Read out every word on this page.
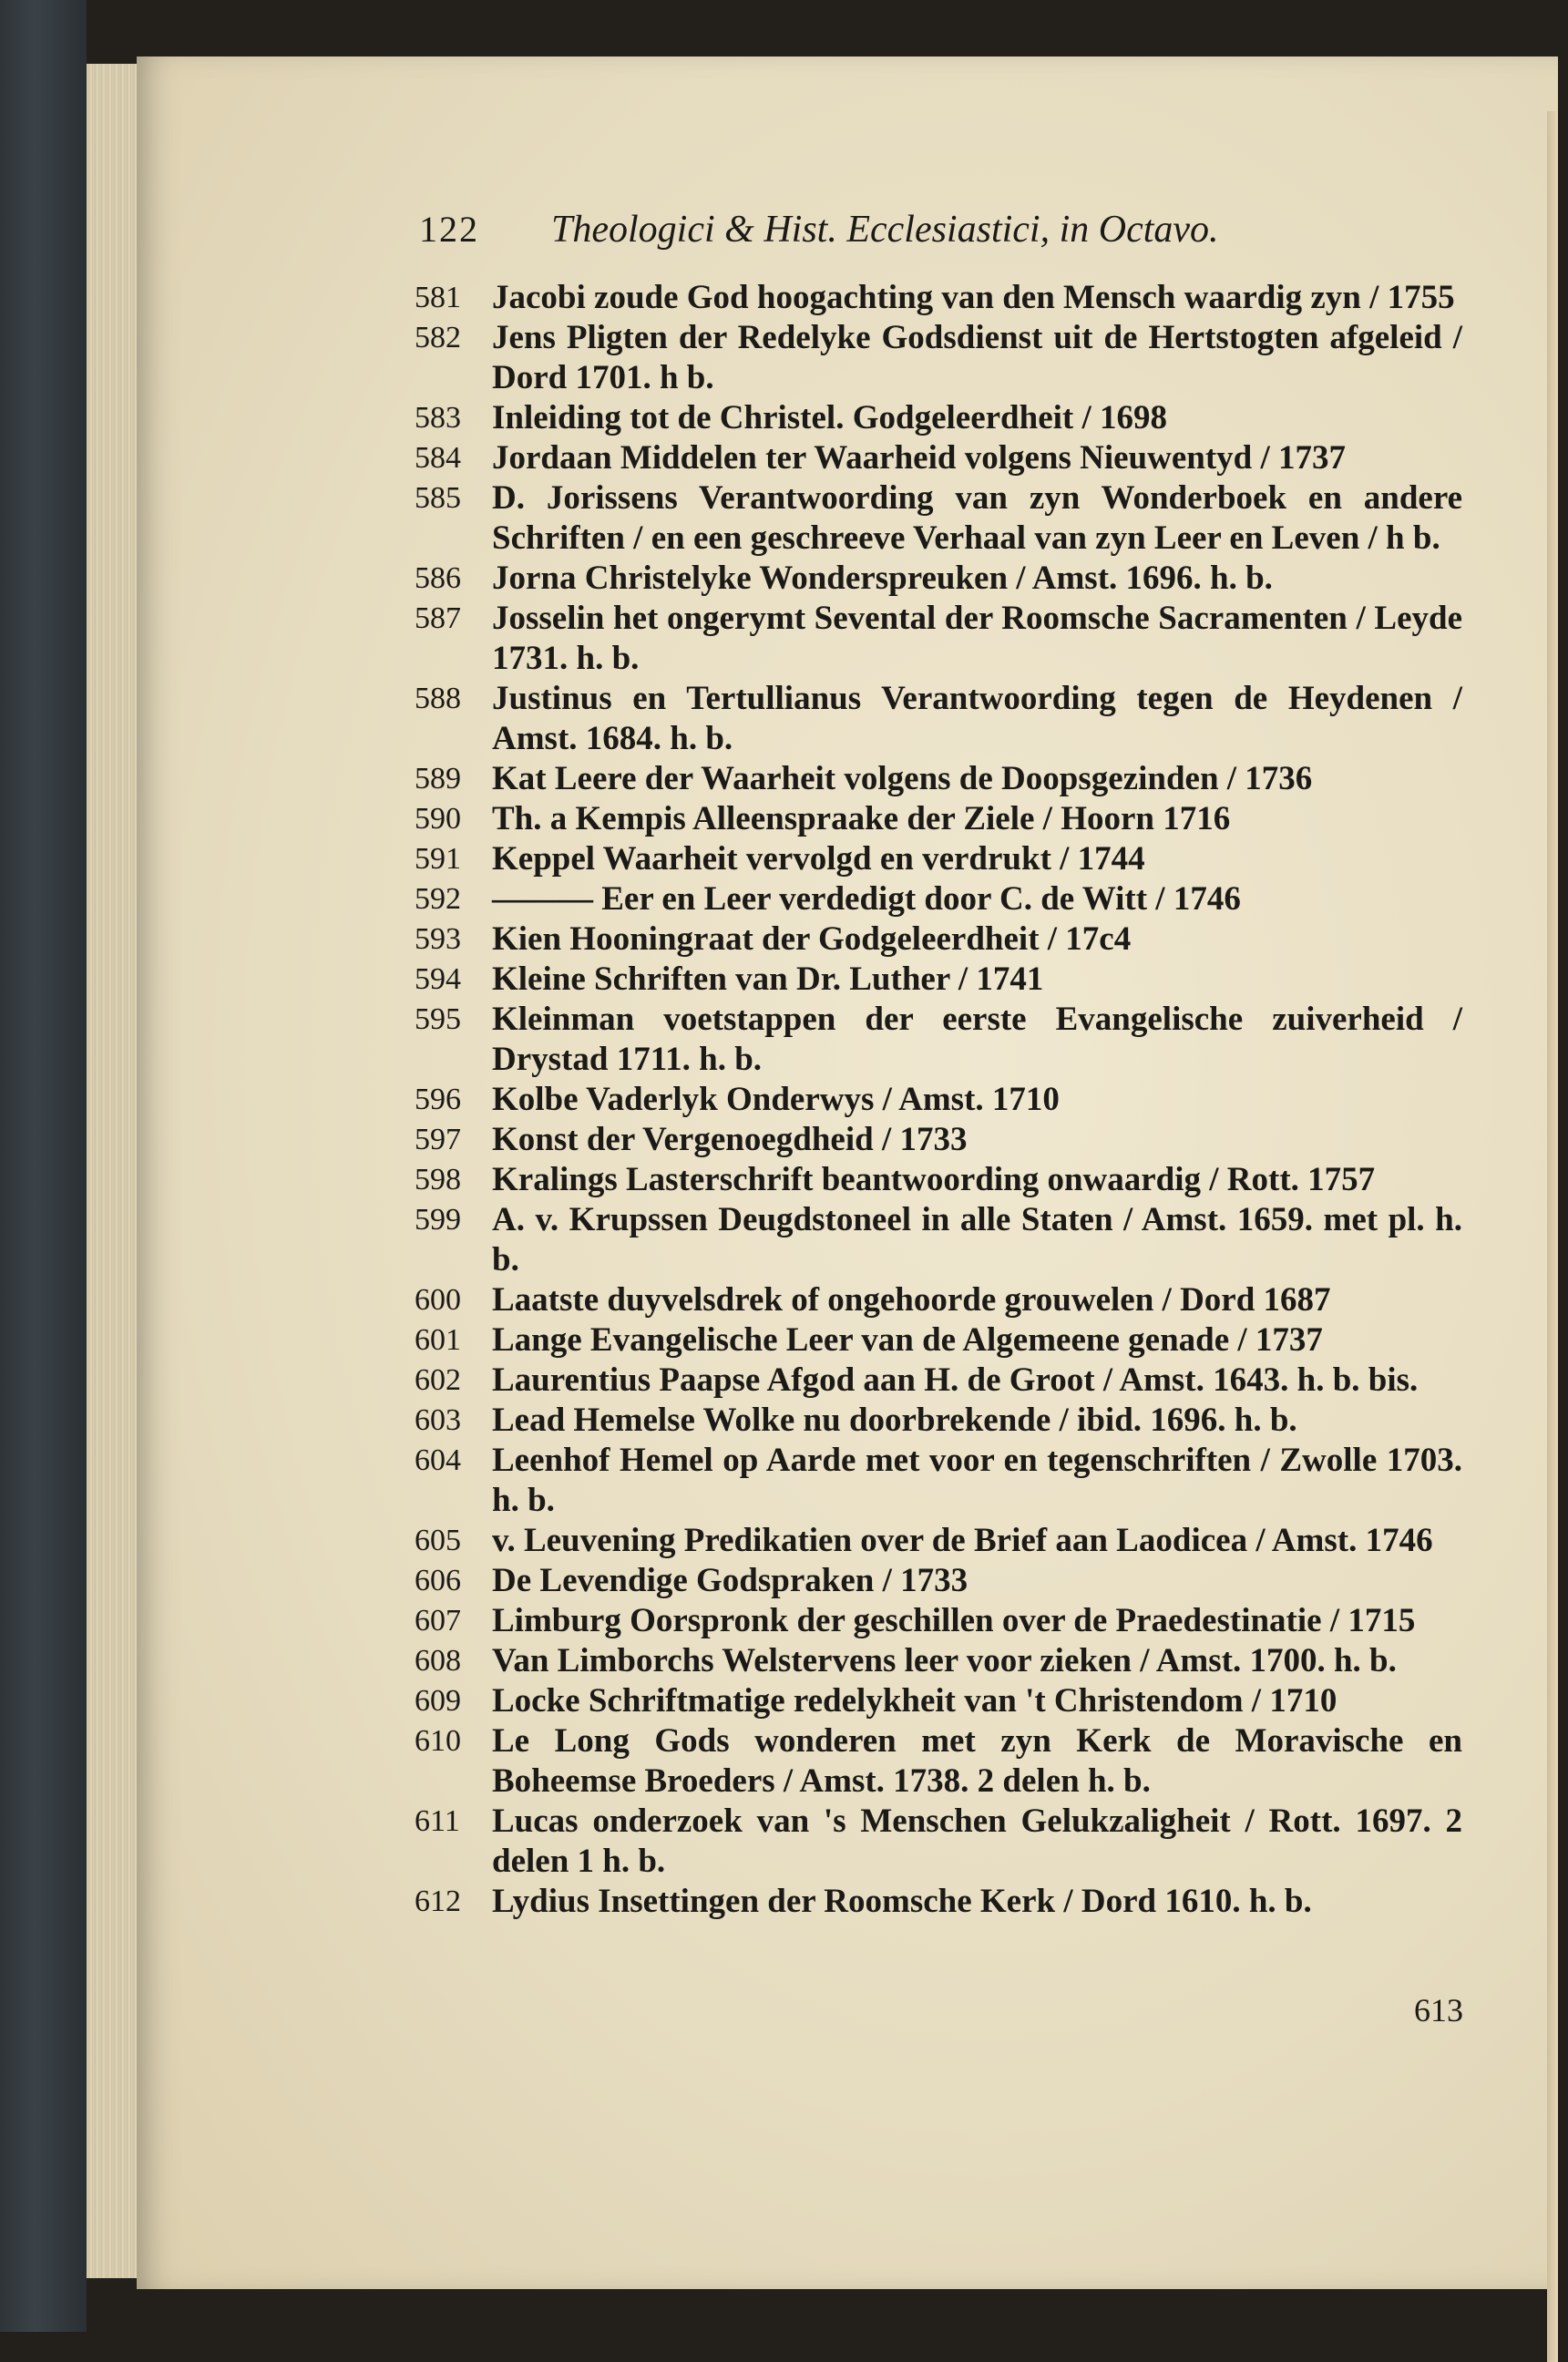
122 Theologici & Hist. Ecclesiastici, in Octavo.
581 Jacobi zoude God hoogachting van den Mensch waardig zyn / 1755
582 Jens Pligten der Redelyke Godsdienst uit de Hertstogten afgeleid / Dord 1701. h b.
583 Inleiding tot de Christel. Godgeleerdheit / 1698
584 Jordaan Middelen ter Waarheid volgens Nieuwentyd / 1737
585 D. Jorissens Verantwoording van zyn Wonderboek en andere Schriften / en een geschreeve Verhaal van zyn Leer en Leven / h b.
586 Jorna Christelyke Wonderspreuken / Amst. 1696. h. b.
587 Josselin het ongerymt Sevental der Roomsche Sacramenten / Leyde 1731. h. b.
588 Justinus en Tertullianus Verantwoording tegen de Heydenen / Amst. 1684. h. b.
589 Kat Leere der Waarheit volgens de Doopsgezinden / 1736
590 Th. a Kempis Alleenspraake der Ziele / Hoorn 1716
591 Keppel Waarheit vervolgd en verdrukt / 1744
592 ——— Eer en Leer verdedigt door C. de Witt / 1746
593 Kien Hooningraat der Godgeleerdheit / 17c4
594 Kleine Schriften van Dr. Luther / 1741
595 Kleinman voetstappen der eerste Evangelische zuiverheid / Drystad 1711. h. b.
596 Kolbe Vaderlyk Onderwys / Amst. 1710
597 Konst der Vergenoegdheid / 1733
598 Kralings Lasterschrift beantwoording onwaardig / Rott. 1757
599 A. v. Krupssen Deugdstoneel in alle Staten / Amst. 1659. met pl. h. b.
600 Laatste duyvelsdrek of ongehoorde grouwelen / Dord 1687
601 Lange Evangelische Leer van de Algemeene genade / 1737
602 Laurentius Paapse Afgod aan H. de Groot / Amst. 1643. h. b. bis.
603 Lead Hemelse Wolke nu doorbrekende / ibid. 1696. h. b.
604 Leenhof Hemel op Aarde met voor en tegenschriften / Zwolle 1703. h. b.
605 v. Leuvening Predikatien over de Brief aan Laodicea / Amst. 1746
606 De Levendige Godspraken / 1733
607 Limburg Oorspronk der geschillen over de Praedestinatie / 1715
608 Van Limborchs Welstervens leer voor zieken / Amst. 1700. h. b.
609 Locke Schriftmatige redelykheit van 't Christendom / 1710
610 Le Long Gods wonderen met zyn Kerk de Moravische en Boheemse Broeders / Amst. 1738. 2 delen h. b.
611 Lucas onderzoek van 's Menschen Gelukzaligheit / Rott. 1697. 2 delen 1 h. b.
612 Lydius Insettingen der Roomsche Kerk / Dord 1610. h. b.
613
